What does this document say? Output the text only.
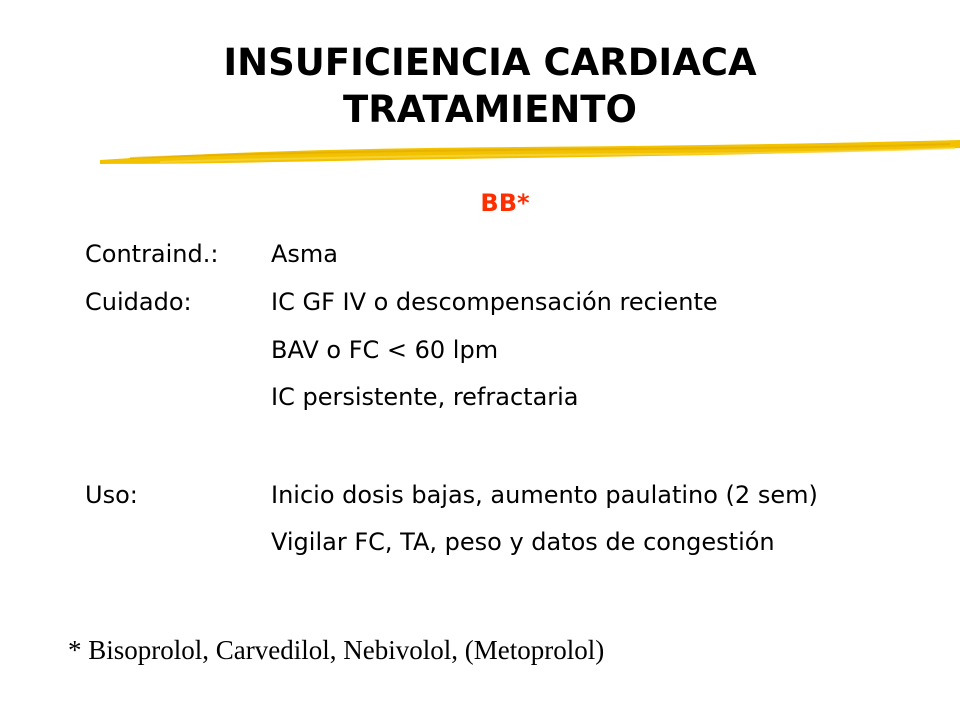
INSUFICIENCIA CARDIACA
TRATAMIENTO
BB*
Contraind.: Asma
Cuidado:	IC GF IV o descompensación reciente
BAV o FC < 60 lpm
IC persistente, refractaria
Uso:	Inicio dosis bajas, aumento paulatino (2 sem)
Vigilar FC, TA, peso y datos de congestión
* Bisoprolol, Carvedilol, Nebivolol, (Metoprolol)
